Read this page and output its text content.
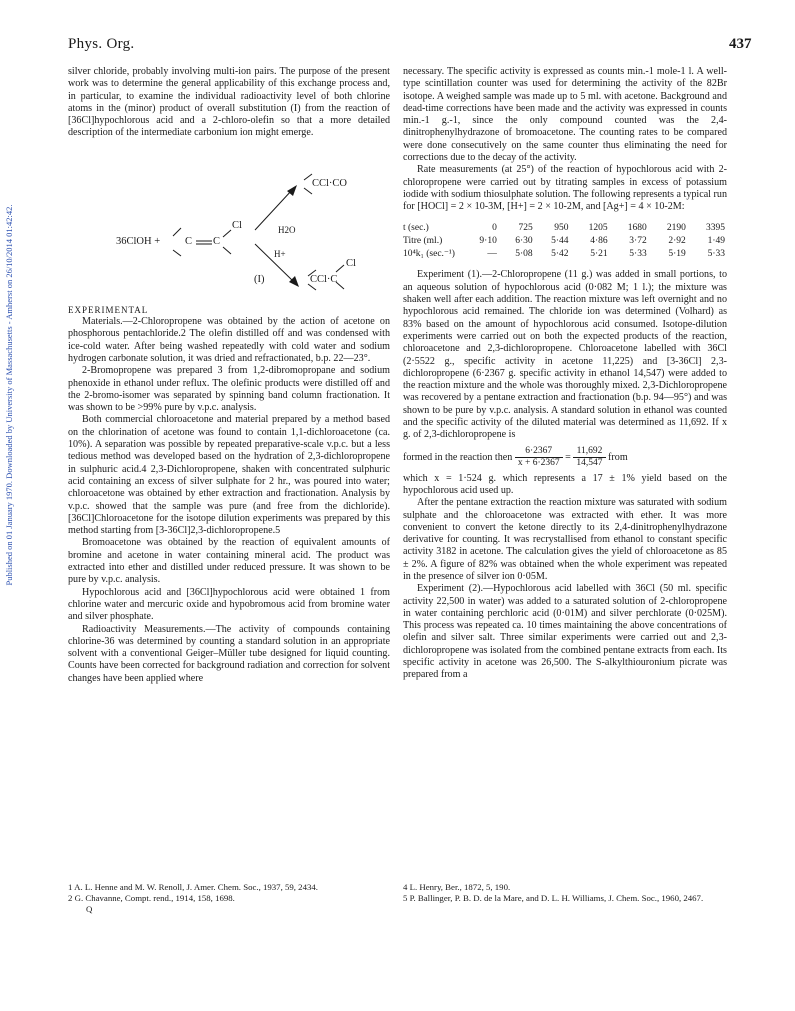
Published on 01 January 1970. Downloaded by University of Massachusetts - Amherst on 26/10/2014 01:42:42.
Phys. Org.	437

silver chloride, probably involving multi-ion pairs. The purpose of the present work was to determine the general applicability of this exchange process and, in particular, to examine the individual radioactivity level of both chlorine atoms in the (minor) product of overall substitution (I) from the reaction of [36Cl]hypochlorous acid and a 2-chloro-olefin so that a more detailed description of the intermediate carbonium ion might emerge.

36ClOH + C C
Cl
CCl·CO
H2O
H+
(I)	CCl·C
Cl

EXPERIMENTAL

Materials.—2-Chloropropene was obtained by the action of acetone on phosphorous pentachloride.2 The olefin distilled off and was condensed with ice-cold water. After being washed repeatedly with cold water and sodium hydrogen carbonate solution, it was dried and refractionated, b.p. 22—23°.

2-Bromopropene was prepared 3 from 1,2-dibromopropane and sodium phenoxide in ethanol under reflux. The olefinic products were distilled off and the 2-bromo-isomer was separated by spinning band column fractionation. It was shown to be >99% pure by v.p.c. analysis.

Both commercial chloroacetone and material prepared by a method based on the chlorination of acetone was found to contain 1,1-dichloroacetone (ca. 10%). A separation was possible by repeated preparative-scale v.p.c. but a less tedious method was developed based on the hydration of 2,3-dichloropropene in sulphuric acid.4 2,3-Dichloropropene, shaken with concentrated sulphuric acid containing an excess of silver sulphate for 2 hr., was poured into water; chloroacetone was obtained by ether extraction and fractionation. Analysis by v.p.c. showed that the sample was pure (and free from the dichloride). [36Cl]Chloroacetone for the isotope dilution experiments was prepared by this method starting from [3-36Cl]2,3-dichloropropene.5

Bromoacetone was obtained by the reaction of equivalent amounts of bromine and acetone in water containing mineral acid. The product was extracted into ether and distilled under reduced pressure. It was shown to be pure by v.p.c. analysis.

Hypochlorous acid and [36Cl]hypochlorous acid were obtained 1 from chlorine water and mercuric oxide and hypobromous acid from bromine water and silver phosphate.

Radioactivity Measurements.—The activity of compounds containing chlorine-36 was determined by counting a standard solution in an appropriate solvent with a conventional Geiger–Müller tube designed for liquid counting. Counts have been corrected for background radiation and correction for solvent changes have been applied where

necessary. The specific activity is expressed as counts min.-1 mole-1 l. A well-type scintillation counter was used for determining the activity of the 82Br isotope. A weighed sample was made up to 5 ml. with acetone. Background and dead-time corrections have been made and the activity was expressed in counts min.-1 g.-1, since the only compound counted was the 2,4-dinitrophenylhydrazone of bromoacetone. The counting rates to be compared were done consecutively on the same counter thus eliminating the need for corrections due to the decay of the activity.

Rate measurements (at 25°) of the reaction of hypochlorous acid with 2-chloropropene were carried out by titrating samples in excess of potassium iodide with sodium thiosulphate solution. The following represents a typical run for [HOCl] = 2 × 10-3M, [H+] = 2 × 10-2M, and [Ag+] = 4 × 10-2M:

t (sec.)	0	725	950	1205	1680	2190	3395
Titre (ml.)	9·10	6·30	5·44	4·86	3·72	2·92	1·49
10⁴k₁ (sec.⁻¹)	—	5·08	5·42	5·21	5·33	5·19	5·33

Experiment (1).—2-Chloropropene (11 g.) was added in small portions, to an aqueous solution of hypochlorous acid (0·082 M; 1 l.); the mixture was shaken well after each addition. The reaction mixture was left overnight and no hypochlorous acid remained. The chloride ion was determined (Volhard) as 83% based on the amount of hypochlorous acid consumed. Isotope-dilution experiments were carried out on both the expected products of the reaction, chloroacetone and 2,3-dichloropropene. Chloroacetone labelled with 36Cl (2·5522 g., specific activity in acetone 11,225) and [3-36Cl] 2,3-dichloropropene (6·2367 g. specific activity in ethanol 14,547) were added to the reaction mixture and the whole was thoroughly mixed. 2,3-Dichloropropene was recovered by a pentane extraction and fractionation (b.p. 94—95°) and was shown to be pure by v.p.c. analysis. A standard solution in ethanol was counted and the specific activity of the diluted material was determined as 11,692. If x g. of 2,3-dichloropropene is

formed in the reaction then $\frac{6\cdot 2367}{x + 6\cdot 2367} = \frac{11,692}{14,547}$ from

which x = 1·524 g. which represents a 17 ± 1% yield based on the hypochlorous acid used up.

After the pentane extraction the reaction mixture was saturated with sodium sulphate and the chloroacetone was extracted with ether. It was more convenient to convert the ketone directly to its 2,4-dinitrophenylhydrazone derivative for counting. It was recrystallised from ethanol to constant specific activity 3182 in acetone. The calculation gives the yield of chloroacetone as 85 ± 2%. A figure of 82% was obtained when the whole experiment was repeated in the presence of silver ion 0·05M.

Experiment (2).—Hypochlorous acid labelled with 36Cl (50 ml. specific activity 22,500 in water) was added to a saturated solution of 2-chloropropene in water containing perchloric acid (0·01M) and silver perchlorate (0·025M). This process was repeated ca. 10 times maintaining the above concentrations of olefin and silver salt. Three similar experiments were carried out and 2,3-dichloropropene was isolated from the combined pentane extracts from each. Its specific activity in acetone was 26,500. The S-alkylthiouronium picrate was prepared from a

1 A. L. Henne and M. W. Renoll, J. Amer. Chem. Soc., 1937, 59, 2434.
2 G. Chavanne, Compt. rend., 1914, 158, 1698.
Q
4 L. Henry, Ber., 1872, 5, 190.
5 P. Ballinger, P. B. D. de la Mare, and D. L. H. Williams, J. Chem. Soc., 1960, 2467.
